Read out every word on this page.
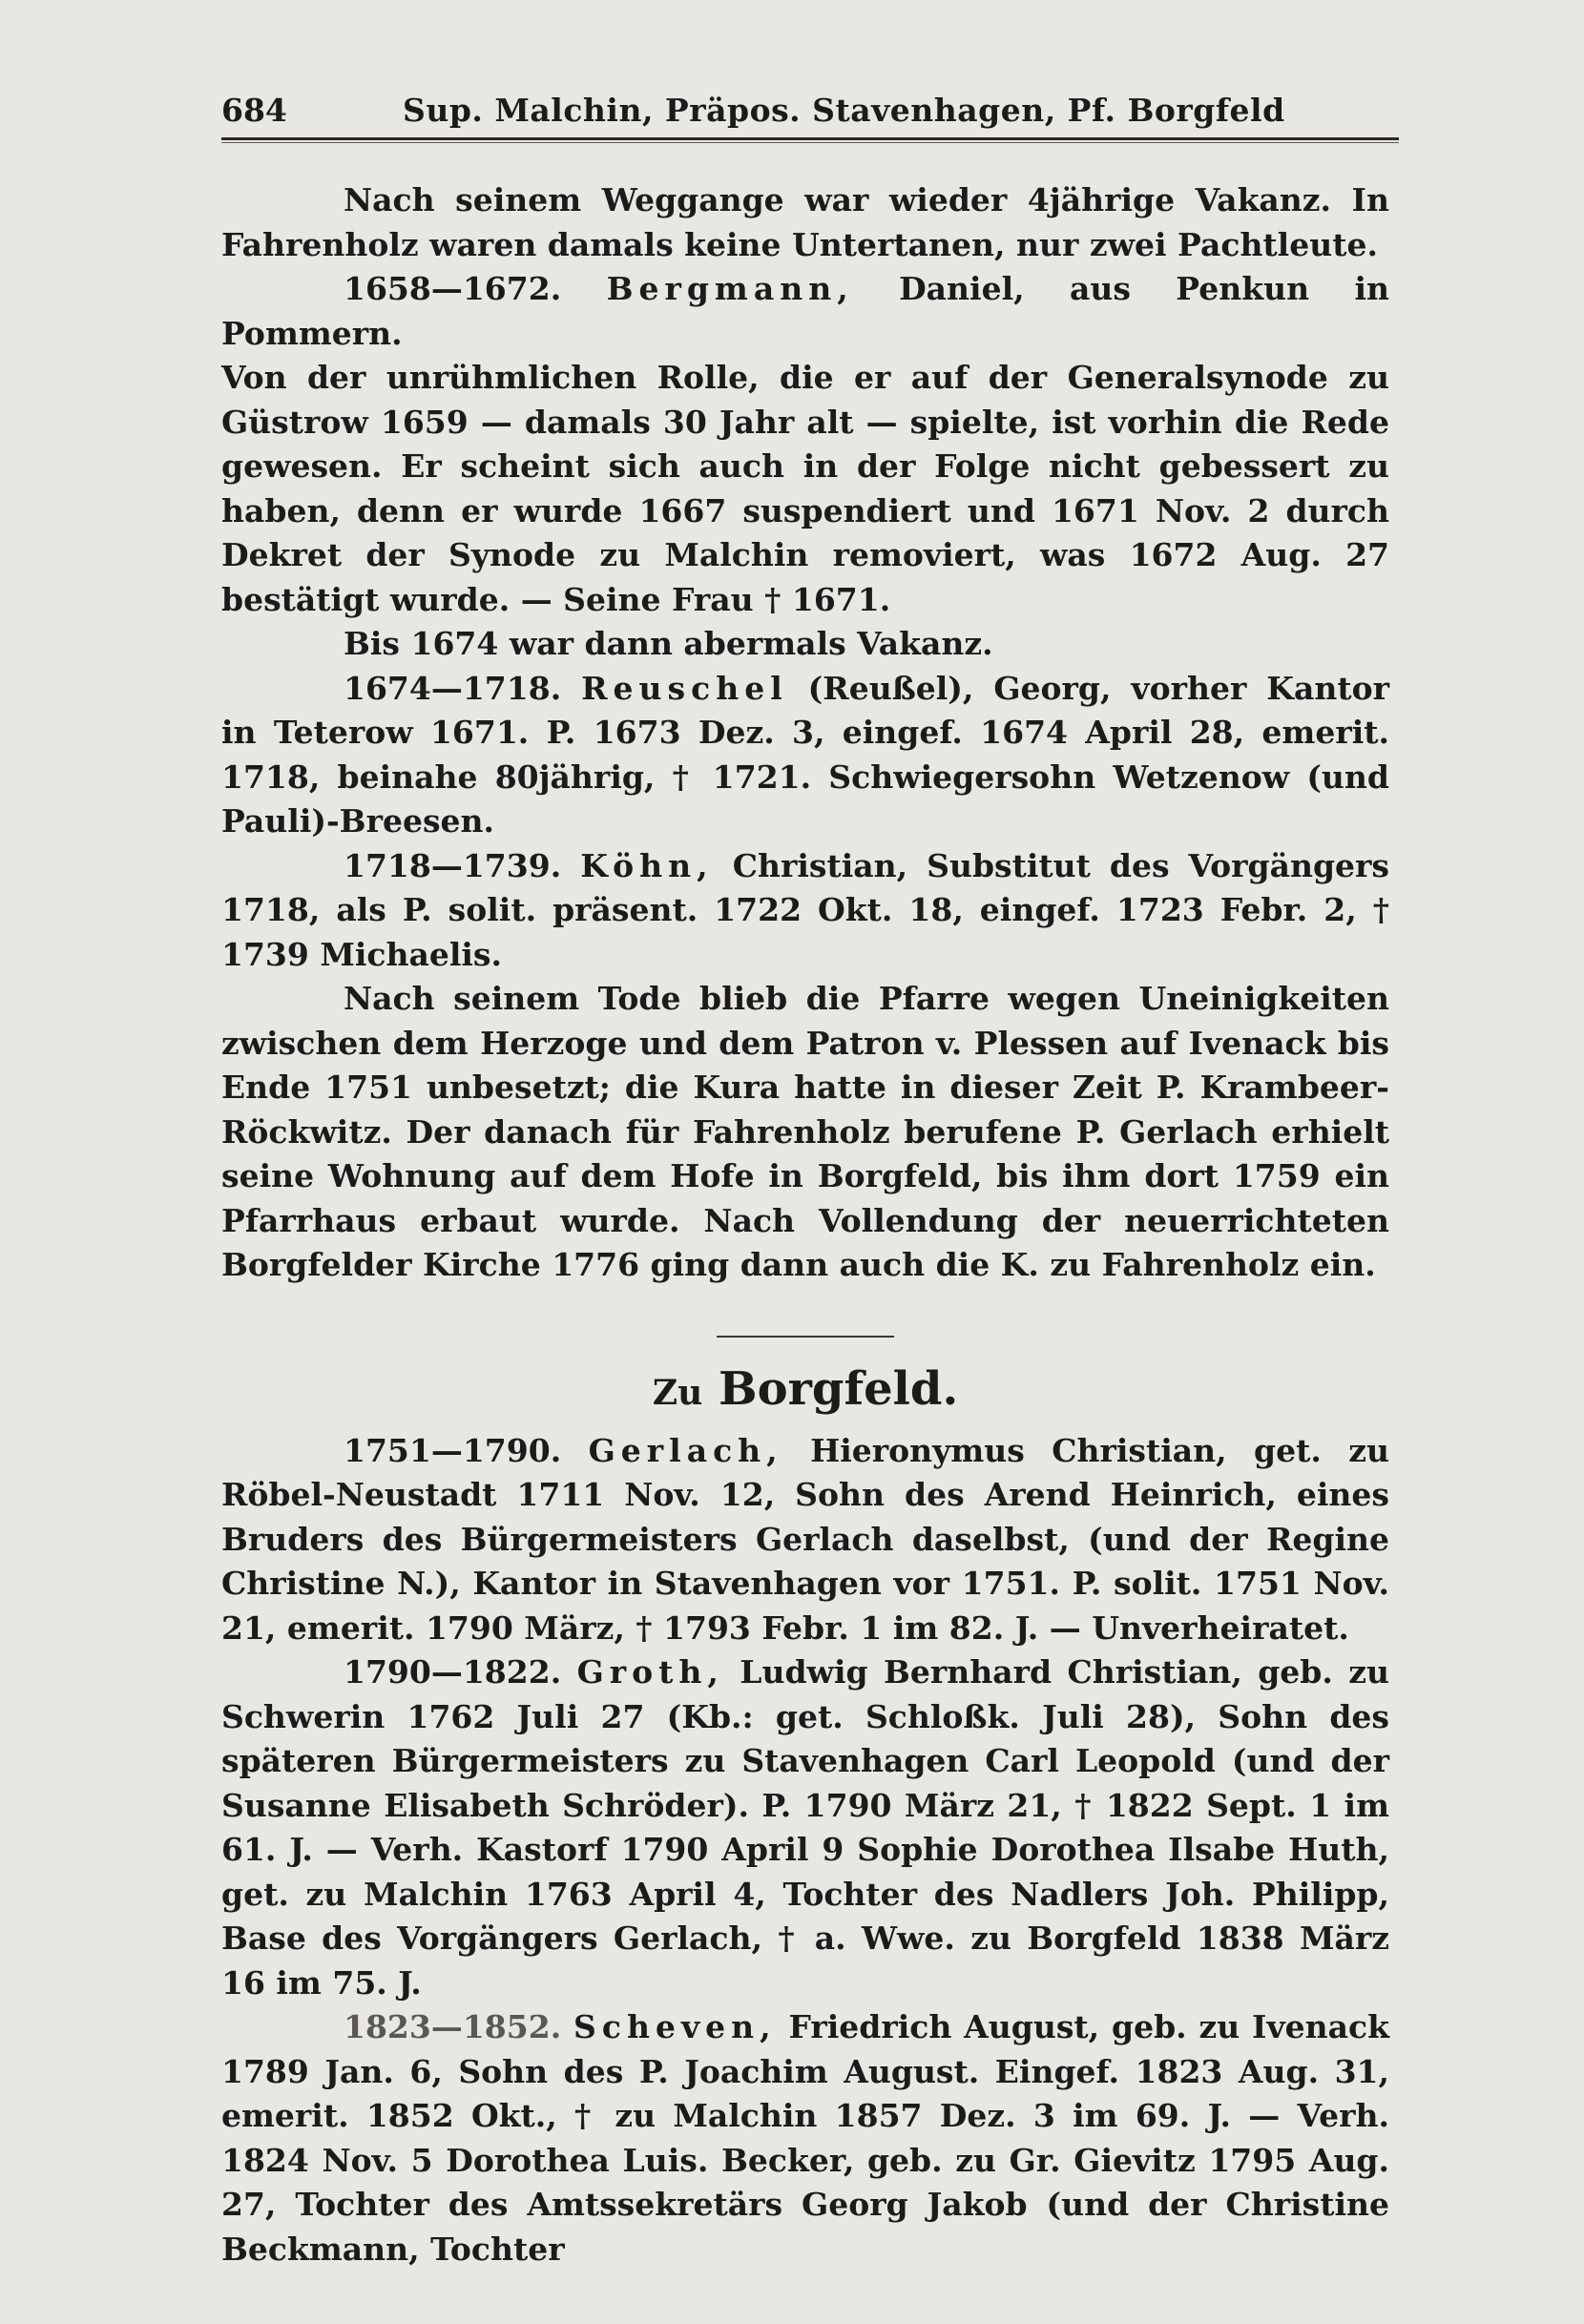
684	Sup. Malchin, Präpos. Stavenhagen, Pf. Borgfeld

Nach seinem Weggange war wieder 4jährige Vakanz. In Fahrenholz waren damals keine Untertanen, nur zwei Pachtleute.

1658—1672. Bergmann, Daniel, aus Penkun in Pommern.

Von der unrühmlichen Rolle, die er auf der Generalsynode zu Güstrow 1659 — damals 30 Jahr alt — spielte, ist vorhin die Rede gewesen. Er scheint sich auch in der Folge nicht gebessert zu haben, denn er wurde 1667 suspendiert und 1671 Nov. 2 durch Dekret der Synode zu Malchin removiert, was 1672 Aug. 27 bestätigt wurde. — Seine Frau † 1671.

Bis 1674 war dann abermals Vakanz.

1674—1718. Reuschel (Reußel), Georg, vorher Kantor in Teterow 1671. P. 1673 Dez. 3, eingef. 1674 April 28, emerit. 1718, beinahe 80jährig, † 1721. Schwiegersohn Wetzenow (und Pauli)-Breesen.

1718—1739. Köhn, Christian, Substitut des Vorgängers 1718, als P. solit. präsent. 1722 Okt. 18, eingef. 1723 Febr. 2, † 1739 Michaelis.

Nach seinem Tode blieb die Pfarre wegen Uneinigkeiten zwischen dem Herzoge und dem Patron v. Plessen auf Ivenack bis Ende 1751 unbesetzt; die Kura hatte in dieser Zeit P. Krambeer-Röckwitz. Der danach für Fahrenholz berufene P. Gerlach erhielt seine Wohnung auf dem Hofe in Borgfeld, bis ihm dort 1759 ein Pfarrhaus erbaut wurde. Nach Vollendung der neuerrichteten Borgfelder Kirche 1776 ging dann auch die K. zu Fahrenholz ein.

Zu Borgfeld.

1751—1790. Gerlach, Hieronymus Christian, get. zu Röbel-Neustadt 1711 Nov. 12, Sohn des Arend Heinrich, eines Bruders des Bürgermeisters Gerlach daselbst, (und der Regine Christine N.), Kantor in Stavenhagen vor 1751. P. solit. 1751 Nov. 21, emerit. 1790 März, † 1793 Febr. 1 im 82. J. — Unverheiratet.

1790—1822. Groth, Ludwig Bernhard Christian, geb. zu Schwerin 1762 Juli 27 (Kb.: get. Schloßk. Juli 28), Sohn des späteren Bürgermeisters zu Stavenhagen Carl Leopold (und der Susanne Elisabeth Schröder). P. 1790 März 21, † 1822 Sept. 1 im 61. J. — Verh. Kastorf 1790 April 9 Sophie Dorothea Ilsabe Huth, get. zu Malchin 1763 April 4, Tochter des Nadlers Joh. Philipp, Base des Vorgängers Gerlach, † a. Wwe. zu Borgfeld 1838 März 16 im 75. J.

1823—1852. Scheven, Friedrich August, geb. zu Ivenack 1789 Jan. 6, Sohn des P. Joachim August. Eingef. 1823 Aug. 31, emerit. 1852 Okt., † zu Malchin 1857 Dez. 3 im 69. J. — Verh. 1824 Nov. 5 Dorothea Luis. Becker, geb. zu Gr. Gievitz 1795 Aug. 27, Tochter des Amtssekretärs Georg Jakob (und der Christine Beckmann, Tochter
